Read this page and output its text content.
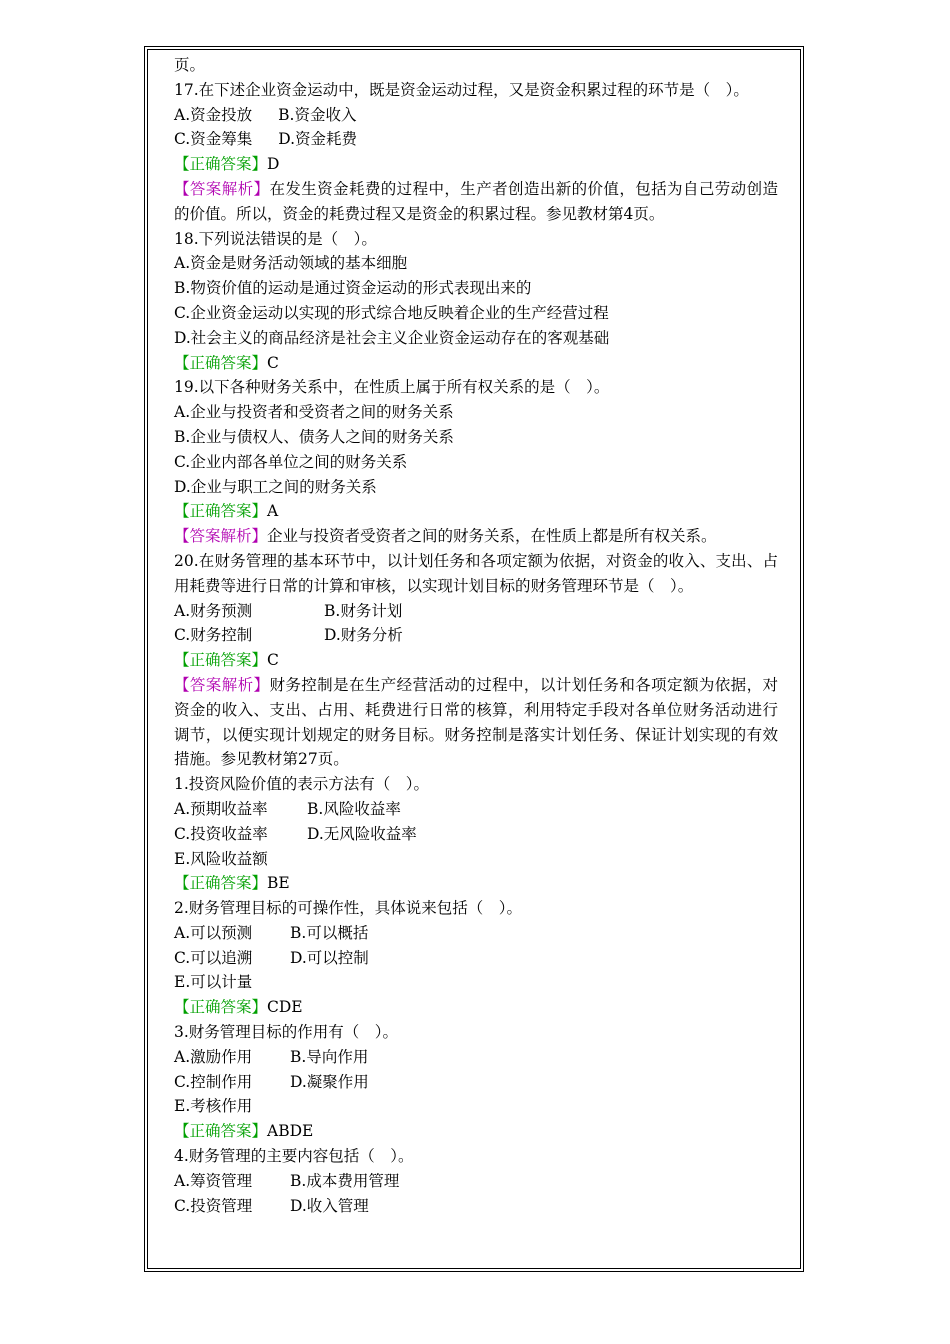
页。
17.在下述企业资金运动中，既是资金运动过程，又是资金积累过程的环节是（　）。
A.资金投放 B.资金收入
C.资金筹集 D.资金耗费
【正确答案】D
【答案解析】在发生资金耗费的过程中，生产者创造出新的价值，包括为自己劳动创造的价值。所以，资金的耗费过程又是资金的积累过程。参见教材第4页。
18.下列说法错误的是（　）。
A.资金是财务活动领域的基本细胞
B.物资价值的运动是通过资金运动的形式表现出来的
C.企业资金运动以实现的形式综合地反映着企业的生产经营过程
D.社会主义的商品经济是社会主义企业资金运动存在的客观基础
【正确答案】C
19.以下各种财务关系中，在性质上属于所有权关系的是（　）。
A.企业与投资者和受资者之间的财务关系
B.企业与债权人、债务人之间的财务关系
C.企业内部各单位之间的财务关系
D.企业与职工之间的财务关系
【正确答案】A
【答案解析】企业与投资者受资者之间的财务关系，在性质上都是所有权关系。
20.在财务管理的基本环节中，以计划任务和各项定额为依据，对资金的收入、支出、占用耗费等进行日常的计算和审核，以实现计划目标的财务管理环节是（　）。
A.财务预测	B.财务计划
C.财务控制	D.财务分析
【正确答案】C
【答案解析】财务控制是在生产经营活动的过程中，以计划任务和各项定额为依据，对资金的收入、支出、占用、耗费进行日常的核算，利用特定手段对各单位财务活动进行调节，以便实现计划规定的财务目标。财务控制是落实计划任务、保证计划实现的有效措施。参见教材第27页。
1.投资风险价值的表示方法有（　）。
A.预期收益率	B.风险收益率
C.投资收益率	D.无风险收益率
E.风险收益额
【正确答案】BE
2.财务管理目标的可操作性，具体说来包括（　）。
A.可以预测 B.可以概括
C.可以追溯 D.可以控制
E.可以计量
【正确答案】CDE
3.财务管理目标的作用有（　）。
A.激励作用 B.导向作用
C.控制作用 D.凝聚作用
E.考核作用
【正确答案】ABDE
4.财务管理的主要内容包括（　）。
A.筹资管理 B.成本费用管理
C.投资管理 D.收入管理
